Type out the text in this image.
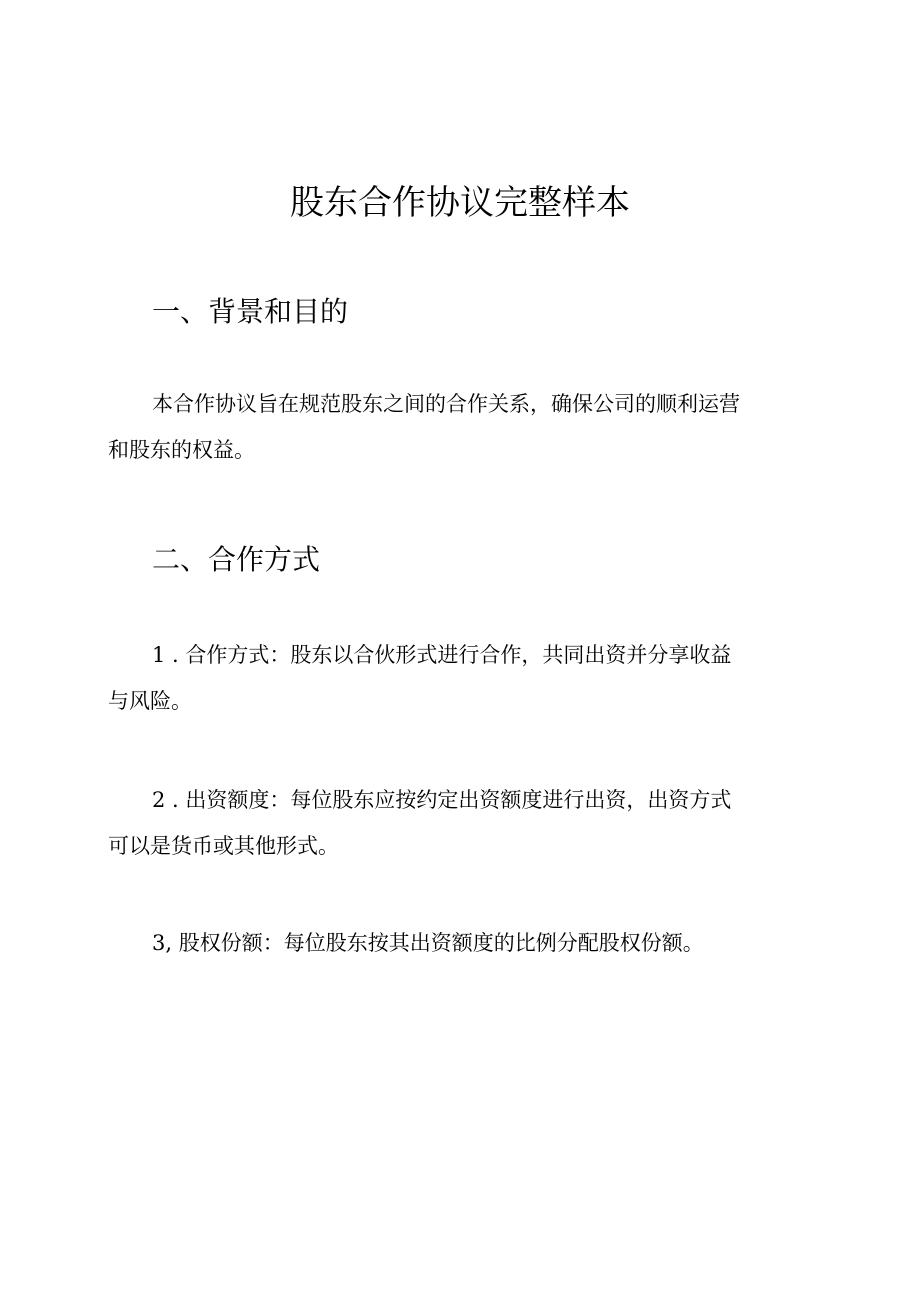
股东合作协议完整样本
一、背景和目的

本合作协议旨在规范股东之间的合作关系，确保公司的顺利运营
和股东的权益。

二、合作方式

1 . 合作方式：股东以合伙形式进行合作，共同出资并分享收益
与风险。

2 . 出资额度：每位股东应按约定出资额度进行出资，出资方式
可以是货币或其他形式。

3, 股权份额：每位股东按其出资额度的比例分配股权份额。
